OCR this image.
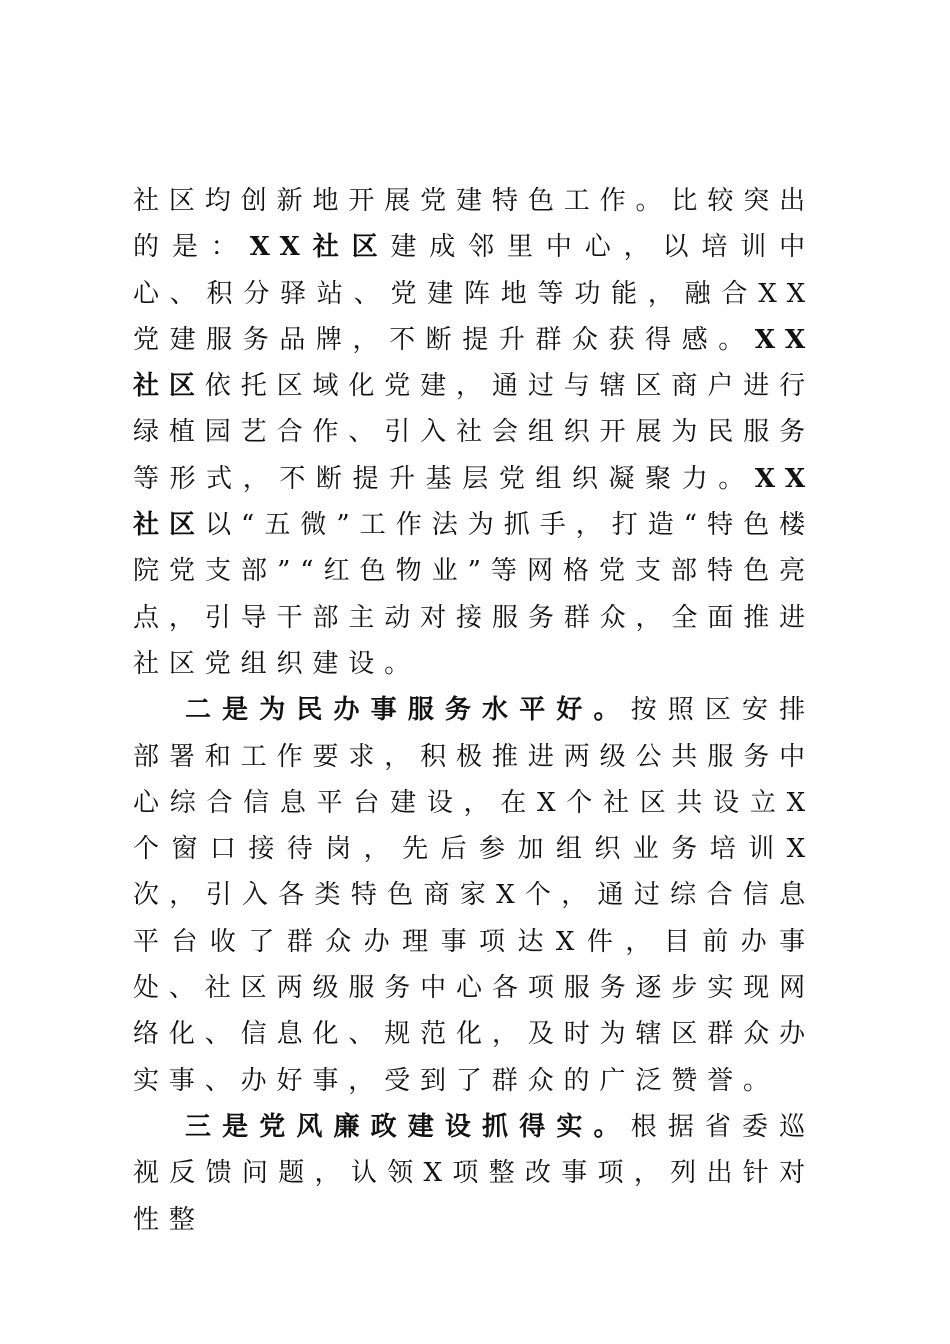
社区均创新地开展党建特色工作。比较突出的是：XX社区建成邻里中心，以培训中心、积分驿站、党建阵地等功能，融合XX党建服务品牌，不断提升群众获得感。XX社区依托区域化党建，通过与辖区商户进行绿植园艺合作、引入社会组织开展为民服务等形式，不断提升基层党组织凝聚力。XX社区以“五微”工作法为抓手，打造“特色楼院党支部”“红色物业”等网格党支部特色亮点，引导干部主动对接服务群众，全面推进社区党组织建设。

二是为民办事服务水平好。按照区安排部署和工作要求，积极推进两级公共服务中心综合信息平台建设，在X个社区共设立X个窗口接待岗，先后参加组织业务培训X次，引入各类特色商家X个，通过综合信息平台收了群众办理事项达X件，目前办事处、社区两级服务中心各项服务逐步实现网络化、信息化、规范化，及时为辖区群众办实事、办好事，受到了群众的广泛赞誉。

三是党风廉政建设抓得实。根据省委巡视反馈问题，认领X项整改事项，列出针对性整
